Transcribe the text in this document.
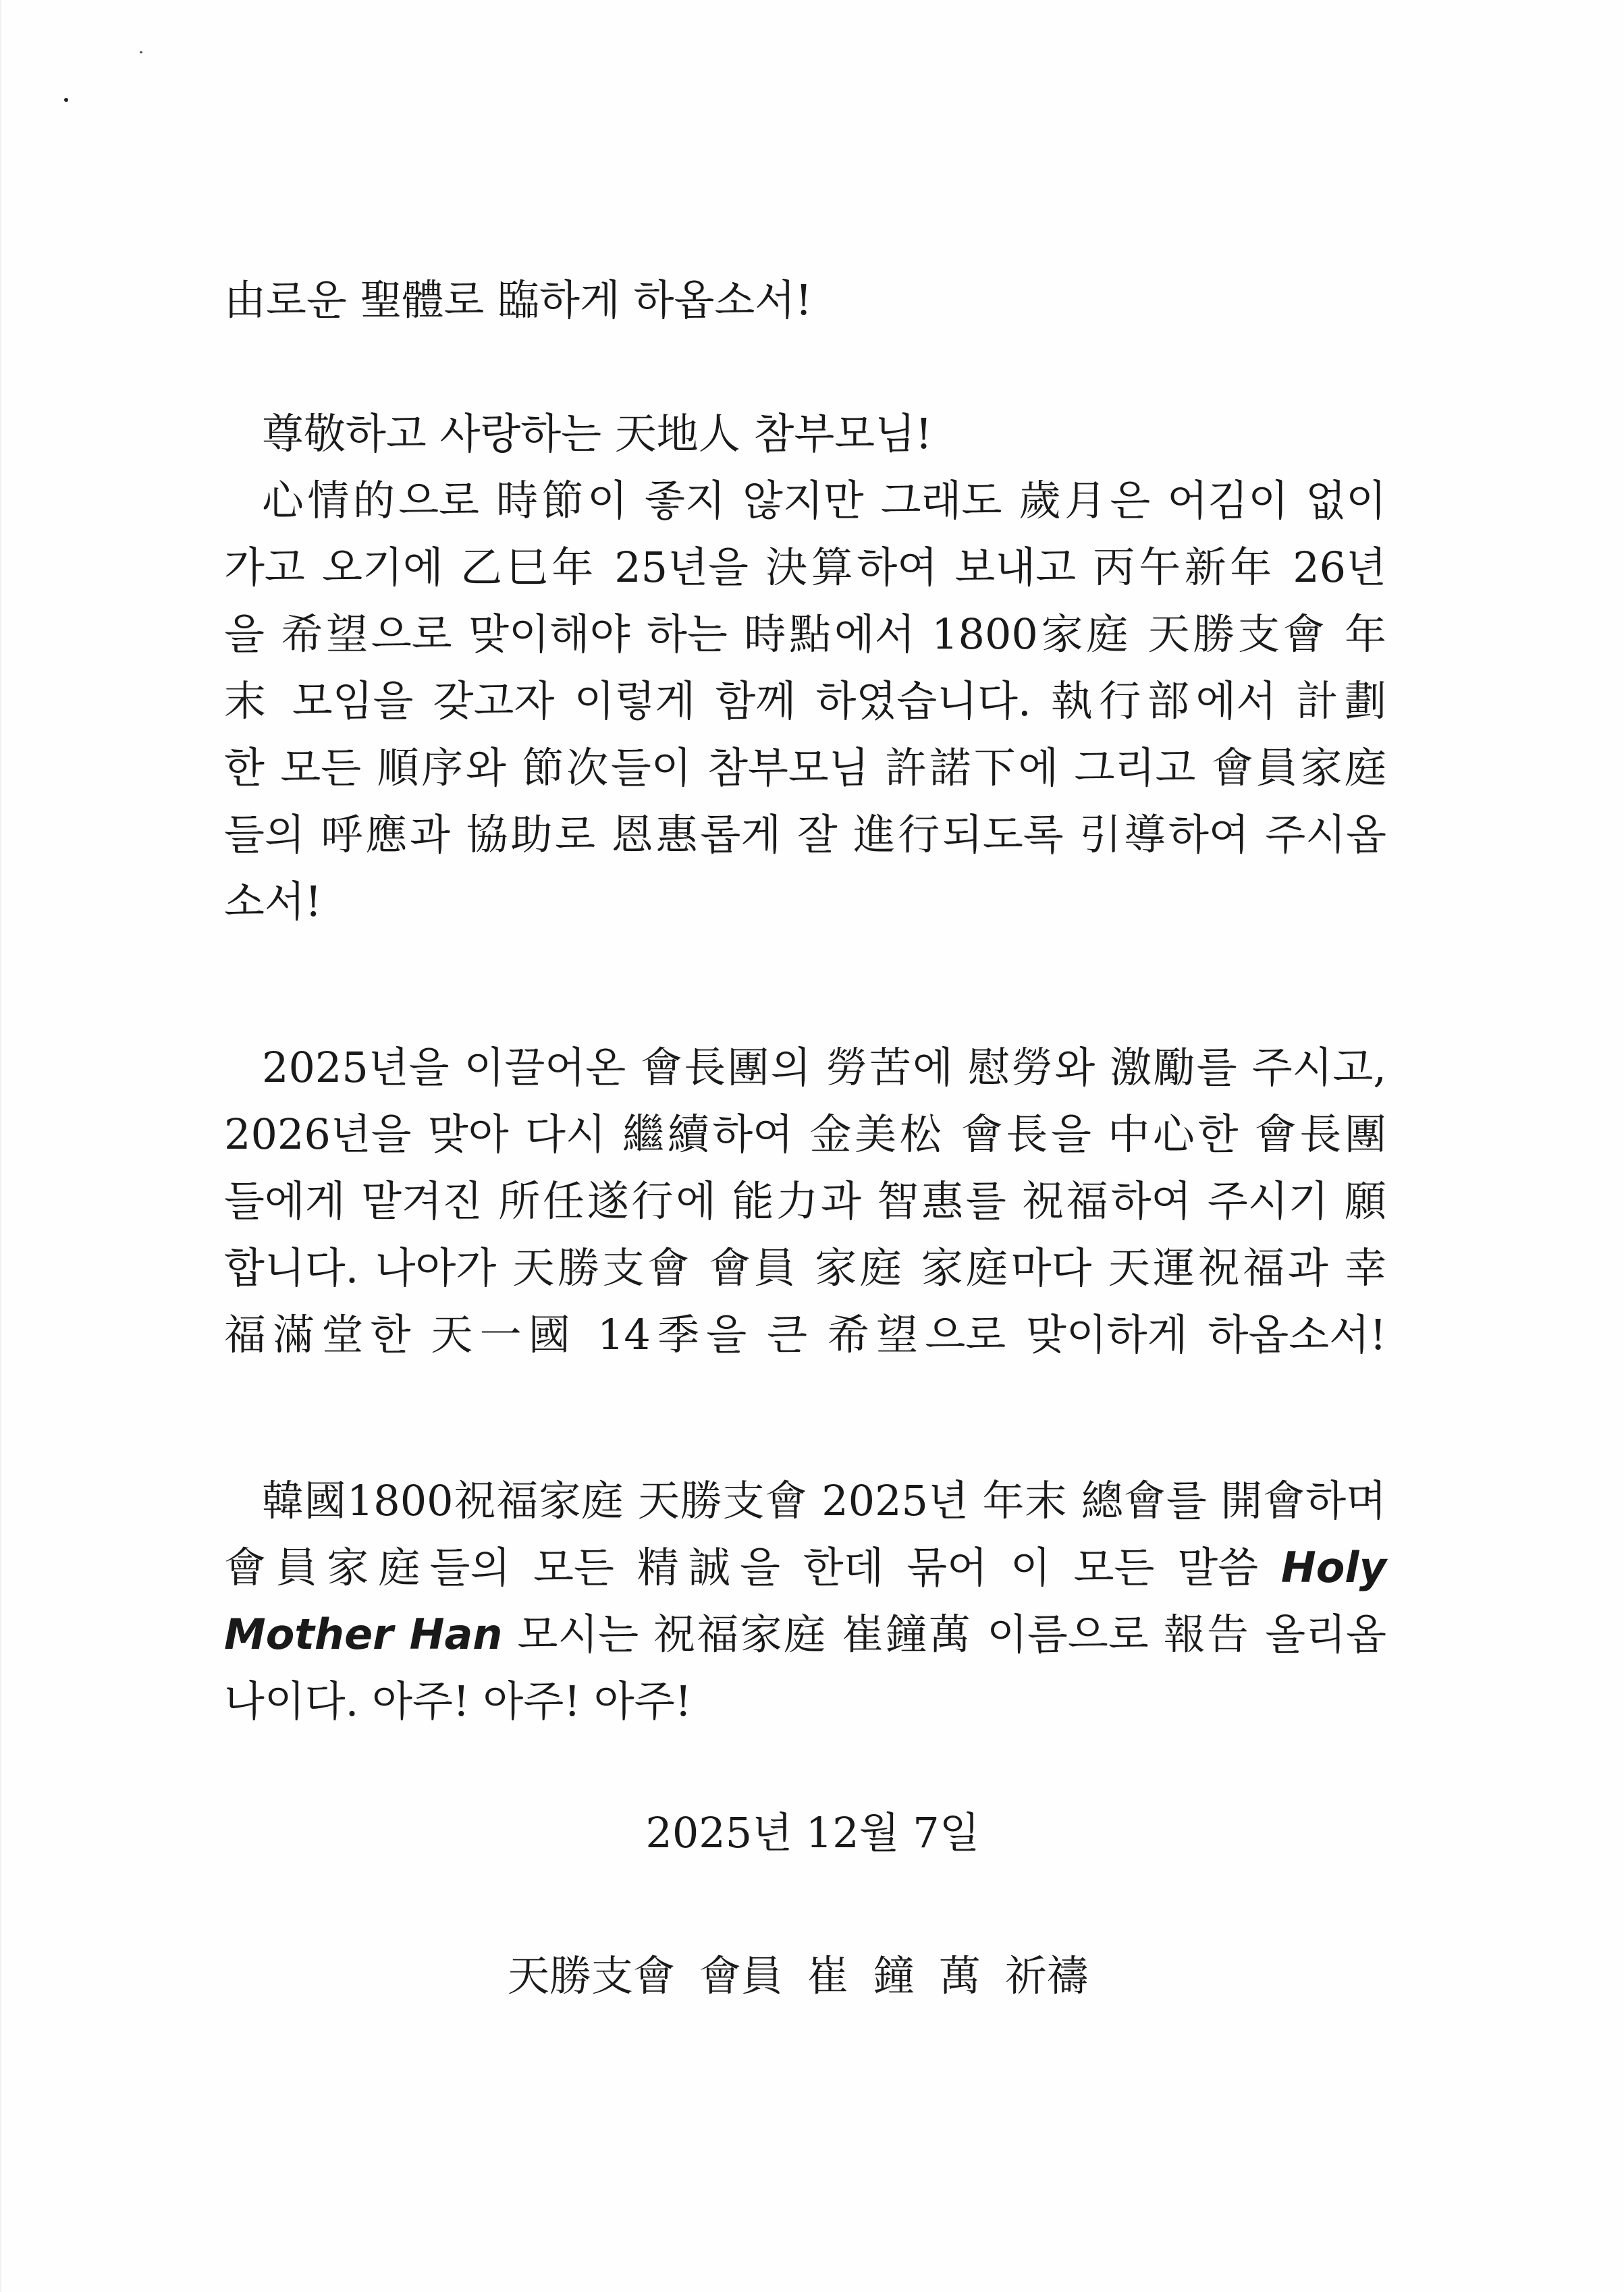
由로운 聖體로 臨하게 하옵소서!
尊敬하고 사랑하는 天地人 참부모님!
心情的으로 時節이 좋지 않지만 그래도 歲月은 어김이 없이
가고 오기에 乙巳年 25년을 決算하여 보내고 丙午新年 26년
을 希望으로 맞이해야 하는 時點에서 1800家庭 天勝支會 年
末 모임을 갖고자 이렇게 함께 하였습니다. 執行部에서 計劃
한 모든 順序와 節次들이 참부모님 許諾下에 그리고 會員家庭
들의 呼應과 協助로 恩惠롭게 잘 進行되도록 引導하여 주시옵
소서!
2025년을 이끌어온 會長團의 勞苦에 慰勞와 激勵를 주시고,
2026년을 맞아 다시 繼續하여 金美松 會長을 中心한 會長團
들에게 맡겨진 所任遂行에 能力과 智惠를 祝福하여 주시기 願
합니다. 나아가 天勝支會 會員 家庭 家庭마다 天運祝福과 幸
福滿堂한 天一國 14季을 큰 希望으로 맞이하게 하옵소서!
韓國1800祝福家庭 天勝支會 2025년 年末 總會를 開會하며
會員家庭들의 모든 精誠을 한데 묶어 이 모든 말씀 Holy
Mother Han 모시는 祝福家庭 崔鐘萬 이름으로 報告 올리옵
나이다. 아주! 아주! 아주!
2025년 12월 7일
天勝支會 會員 崔 鐘 萬 祈禱
